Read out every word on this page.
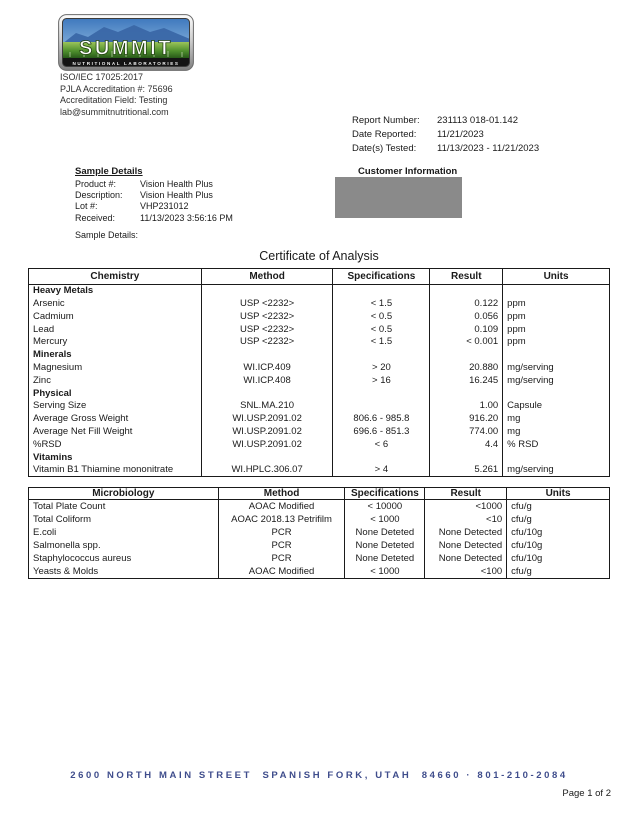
SUMMIT
NUTRITIONAL LABORATORIES
ISO/IEC 17025:2017
PJLA Accreditation #: 75696
Accreditation Field: Testing
lab@summitnutritional.com
Report Number:	231113 018-01.142
Date Reported:	11/21/2023
Date(s) Tested:	11/13/2023 - 11/21/2023
Sample Details
Product #:	Vision Health Plus
Description:	Vision Health Plus
Lot #:	VHP231012
Received:	11/13/2023 3:56:16 PM
Sample Details:
Customer Information
Certificate of Analysis
Chemistry	Method	Specifications	Result	Units
Heavy Metals				
Arsenic	USP <2232>	< 1.5	0.122	ppm
Cadmium	USP <2232>	< 0.5	0.056	ppm
Lead	USP <2232>	< 0.5	0.109	ppm
Mercury	USP <2232>	< 1.5	< 0.001	ppm
Minerals				
Magnesium	WI.ICP.409	> 20	20.880	mg/serving
Zinc	WI.ICP.408	> 16	16.245	mg/serving
Physical				
Serving Size	SNL.MA.210		1.00	Capsule
Average Gross Weight	WI.USP.2091.02	806.6 - 985.8	916.20	mg
Average Net Fill Weight	WI.USP.2091.02	696.6 - 851.3	774.00	mg
%RSD	WI.USP.2091.02	< 6	4.4	% RSD
Vitamins				
Vitamin B1 Thiamine mononitrate	WI.HPLC.306.07	> 4	5.261	mg/serving
Microbiology	Method	Specifications	Result	Units
Total Plate Count	AOAC Modified	< 10000	<1000	cfu/g
Total Coliform	AOAC 2018.13 Petrifilm	< 1000	<10	cfu/g
E.coli	PCR	None Deteted	None Detected	cfu/10g
Salmonella spp.	PCR	None Deteted	None Detected	cfu/10g
Staphylococcus aureus	PCR	None Deteted	None Detected	cfu/10g
Yeasts & Molds	AOAC Modified	< 1000	<100	cfu/g
2600 NORTH MAIN STREET  SPANISH FORK, UTAH  84660 · 801-210-2084
Page 1 of 2
